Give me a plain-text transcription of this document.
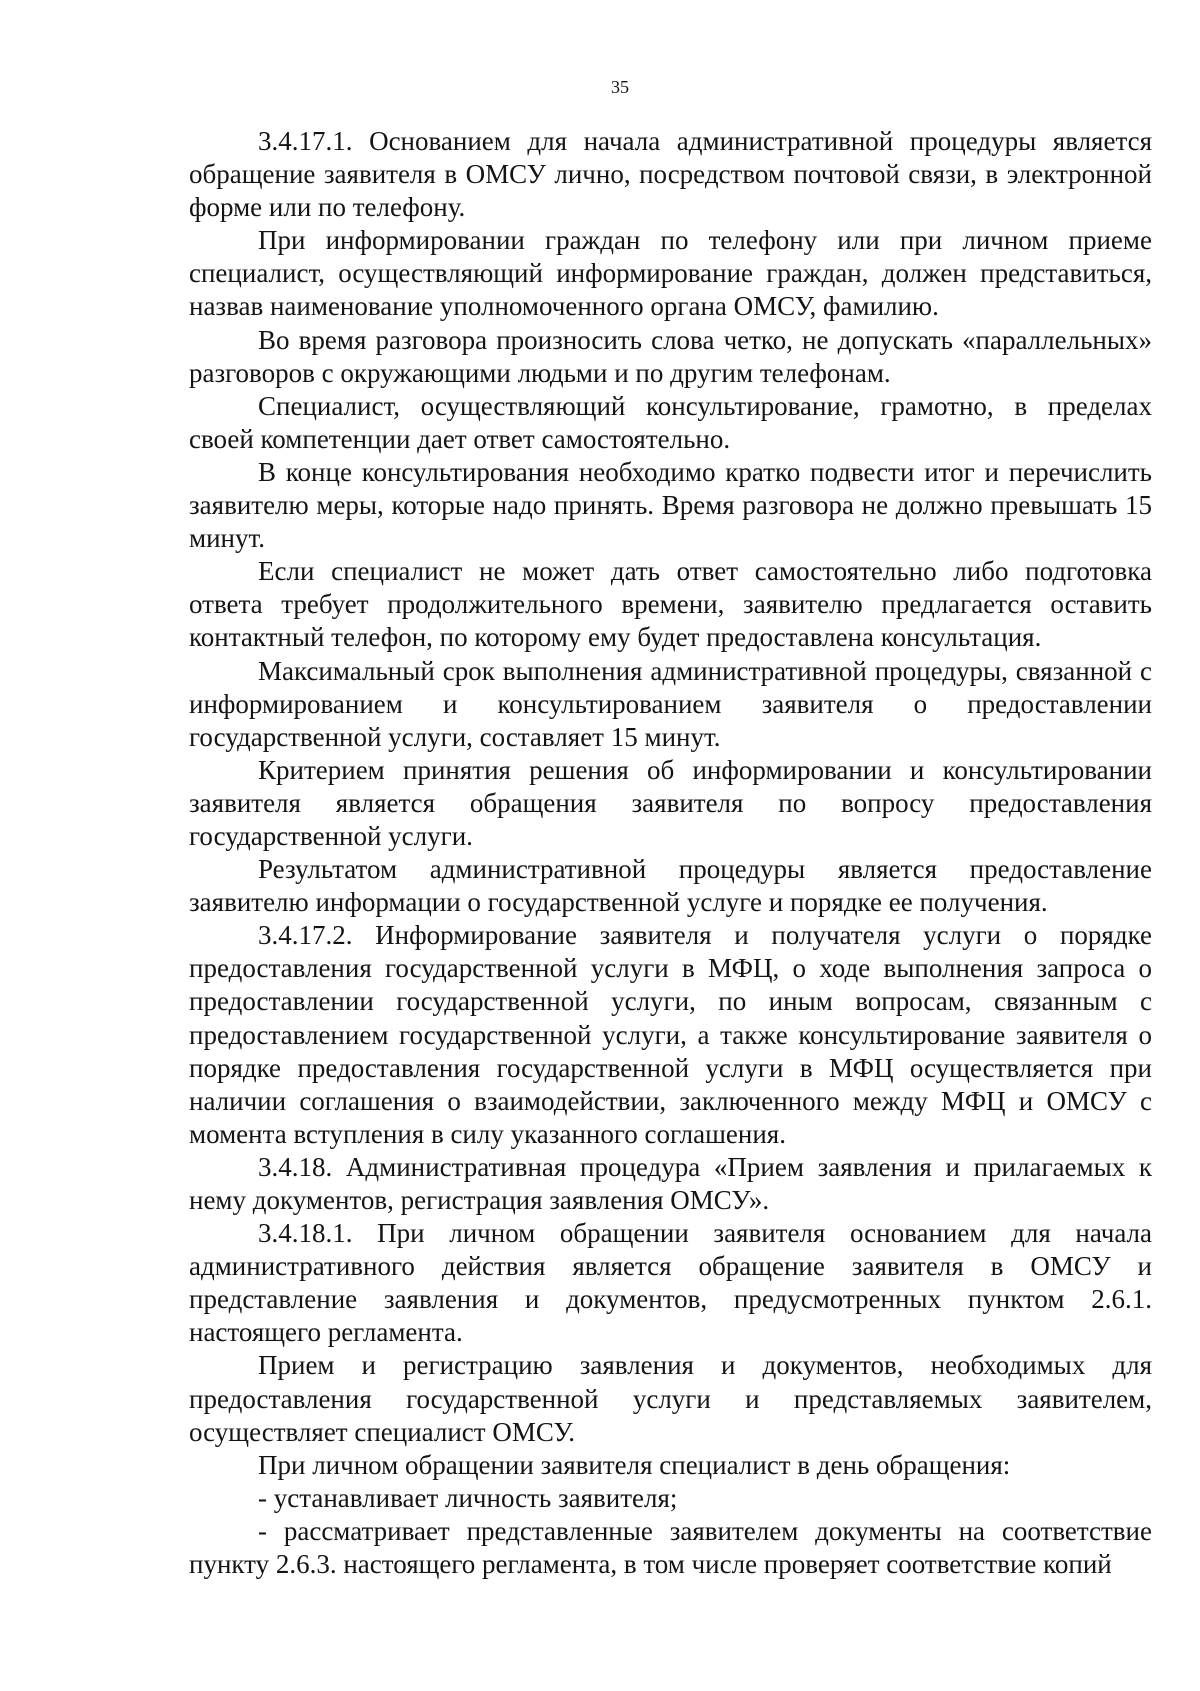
35

3.4.17.1. Основанием для начала административной процедуры является обращение заявителя в ОМСУ лично, посредством почтовой связи, в электронной форме или по телефону.

При информировании граждан по телефону или при личном приеме специалист, осуществляющий информирование граждан, должен представиться, назвав наименование уполномоченного органа ОМСУ, фамилию.

Во время разговора произносить слова четко, не допускать «параллельных» разговоров с окружающими людьми и по другим телефонам.

Специалист, осуществляющий консультирование, грамотно, в пределах своей компетенции дает ответ самостоятельно.

В конце консультирования необходимо кратко подвести итог и перечислить заявителю меры, которые надо принять. Время разговора не должно превышать 15 минут.

Если специалист не может дать ответ самостоятельно либо подготовка ответа требует продолжительного времени, заявителю предлагается оставить контактный телефон, по которому ему будет предоставлена консультация.

Максимальный срок выполнения административной процедуры, связанной с информированием и консультированием заявителя о предоставлении государственной услуги, составляет 15 минут.

Критерием принятия решения об информировании и консультировании заявителя является обращения заявителя по вопросу предоставления государственной услуги.

Результатом административной процедуры является предоставление заявителю информации о государственной услуге и порядке ее получения.

3.4.17.2. Информирование заявителя и получателя услуги о порядке предоставления государственной услуги в МФЦ, о ходе выполнения запроса о предоставлении государственной услуги, по иным вопросам, связанным с предоставлением государственной услуги, а также консультирование заявителя о порядке предоставления государственной услуги в МФЦ осуществляется при наличии соглашения о взаимодействии, заключенного между МФЦ и ОМСУ с момента вступления в силу указанного соглашения.

3.4.18. Административная процедура «Прием заявления и прилагаемых к нему документов, регистрация заявления ОМСУ».

3.4.18.1. При личном обращении заявителя основанием для начала административного действия является обращение заявителя в ОМСУ и представление заявления и документов, предусмотренных пунктом 2.6.1. настоящего регламента.

Прием и регистрацию заявления и документов, необходимых для предоставления государственной услуги и представляемых заявителем, осуществляет специалист ОМСУ.

При личном обращении заявителя специалист в день обращения:

- устанавливает личность заявителя;

- рассматривает представленные заявителем документы на соответствие пункту 2.6.3. настоящего регламента, в том числе проверяет соответствие копий
